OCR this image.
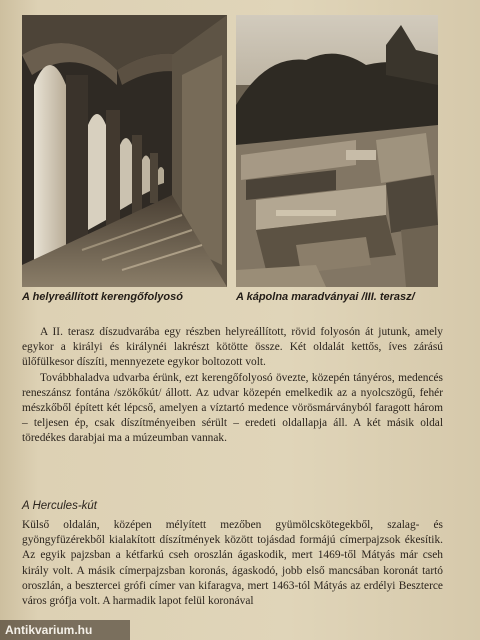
A helyreállított kerengőfolyosó	A kápolna maradványai /III. terasz/

A II. terasz díszudvarába egy részben helyreállított, rövid folyosón át jutunk, amely egykor a királyi és királynéi lakrészt kötötte össze. Két oldalát kettős, íves zárású ülőfülkesor díszíti, mennyezete egykor boltozott volt.

Továbbhaladva udvarba érünk, ezt kerengőfolyosó övezte, közepén tányéros, medencés reneszánsz fontána /szökőkút/ állott. Az udvar közepén emelkedik az a nyolcszögű, fehér mészkőből épített két lépcső, amelyen a víztartó medence vörösmárványból faragott három – teljesen ép, csak díszítményeiben sérült – eredeti oldallapja áll. A két másik oldal töredékes darabjai ma a múzeumban vannak.

A Hercules-kút

Külső oldalán, középen mélyített mezőben gyümölcskötegekből, szalag- és gyöngyfüzérekből kialakított díszítmények között tojásdad formájú címerpajzsok ékesítik. Az egyik pajzsban a kétfarkú cseh oroszlán ágaskodik, mert 1469-től Mátyás már cseh király volt. A másik címerpajzsban koronás, ágaskodó, jobb első mancsában koronát tartó oroszlán, a besztercei grófi címer van kifaragva, mert 1463-tól Mátyás az erdélyi Beszterce város grófja volt. A harmadik lapot felül koronával

Antikvarium.hu
